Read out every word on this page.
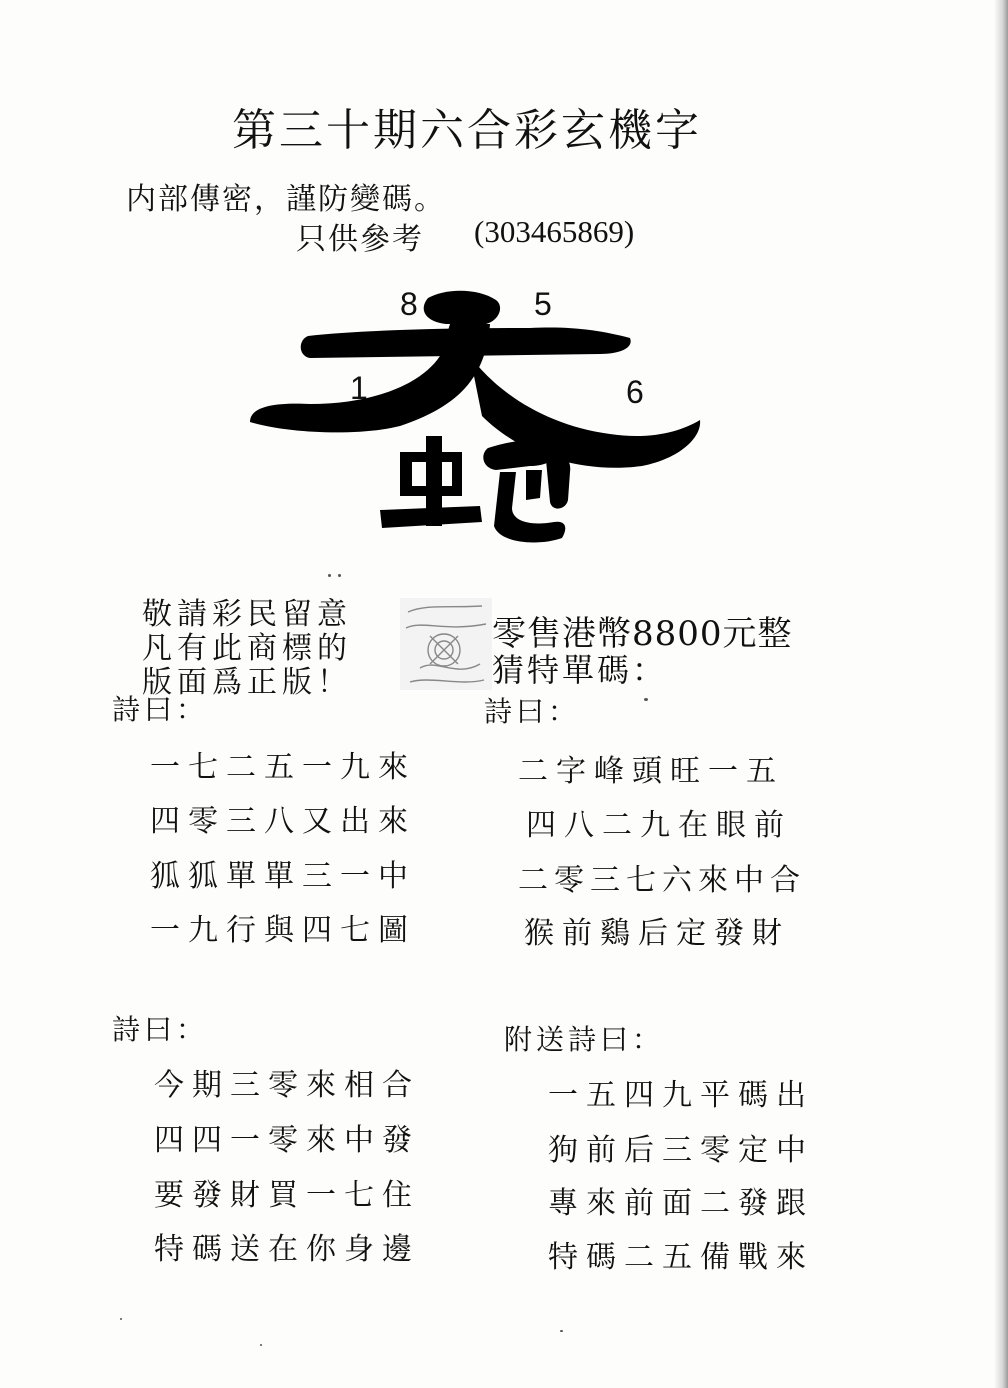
第三十期六合彩玄機字
内部傳密，謹防變碼。
只供參考 (303465869)
8	5
1	6
敬請彩民留意
凡有此商標的
版面爲正版！
零售港幣8800元整
猜特單碼：
詩曰：
一七二五一九來
四零三八又出來
狐狐單單三一中
一九行與四七圖
詩曰：
二字峰頭旺一五
四八二九在眼前
二零三七六來中合
猴前鷄后定發財
詩曰：
今期三零來相合
四四一零來中發
要發財買一七住
特碼送在你身邊
附送詩曰：
一五四九平碼出
狗前后三零定中
專來前面二發跟
特碼二五備戰來
